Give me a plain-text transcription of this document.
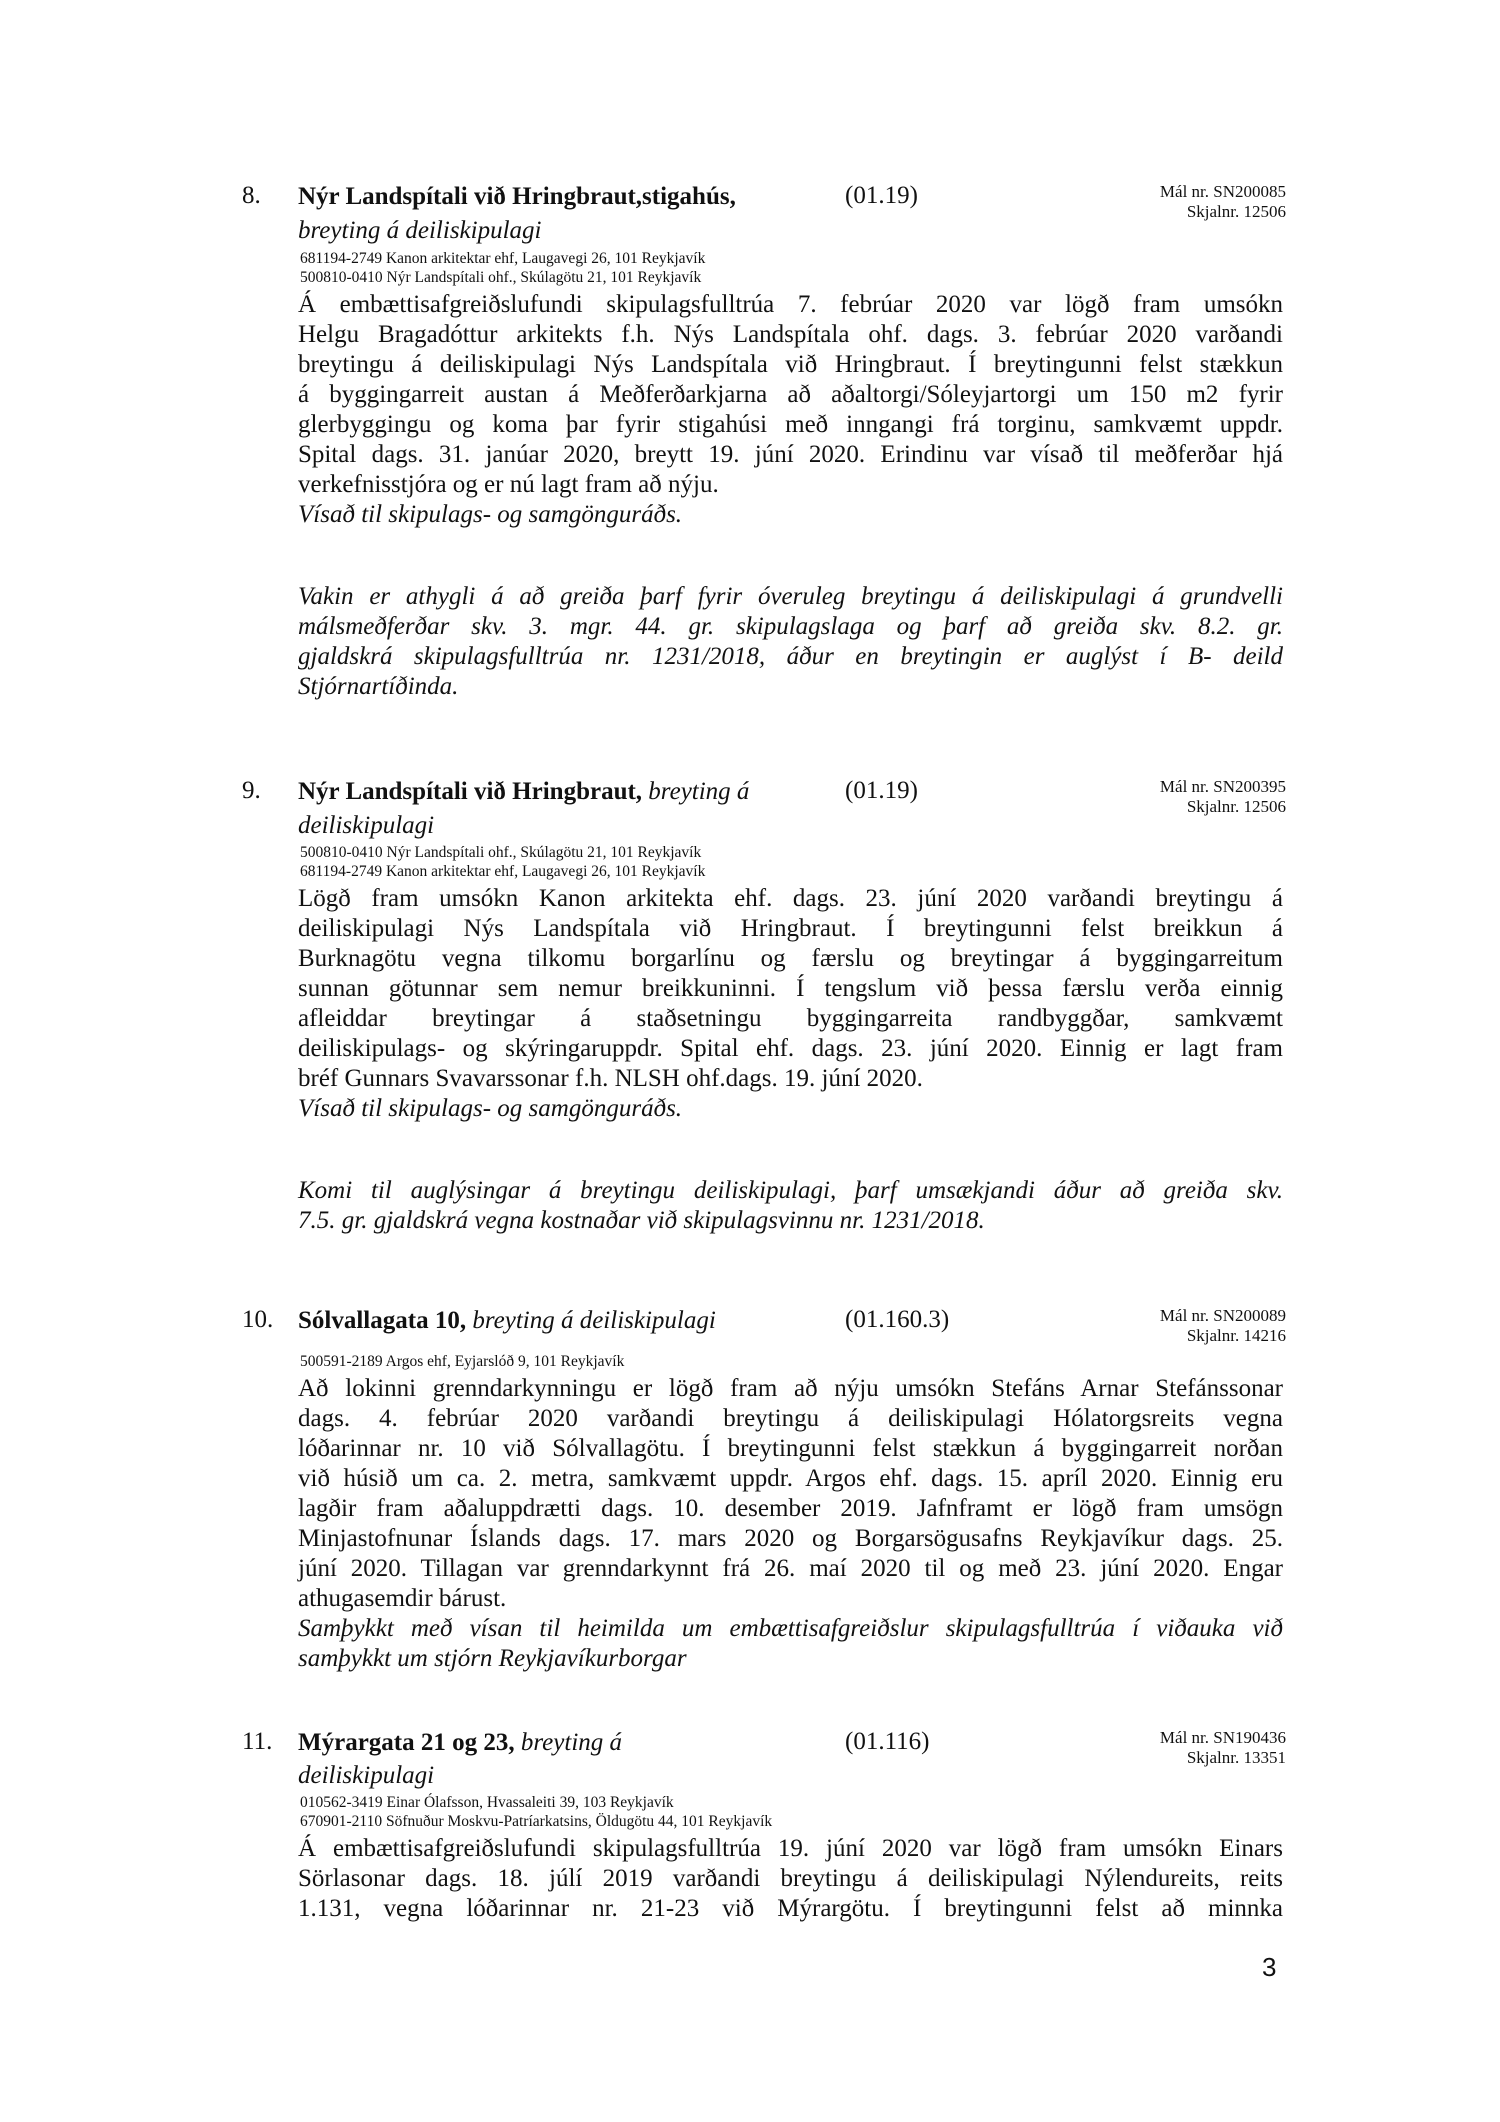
8. Nýr Landspítali við Hringbraut,stigahús,
breyting á deiliskipulagi
(01.19)	Mál nr. SN200085
Skjalnr. 12506
681194-2749 Kanon arkitektar ehf, Laugavegi 26, 101 Reykjavík
500810-0410 Nýr Landspítali ohf., Skúlagötu 21, 101 Reykjavík
Á embættisafgreiðslufundi skipulagsfulltrúa 7. febrúar 2020 var lögð fram umsókn
Helgu Bragadóttur arkitekts f.h. Nýs Landspítala ohf. dags. 3. febrúar 2020 varðandi
breytingu á deiliskipulagi Nýs Landspítala við Hringbraut. Í breytingunni felst stækkun
á byggingarreit austan á Meðferðarkjarna að aðaltorgi/Sóleyjartorgi um 150 m2 fyrir
glerbyggingu og koma þar fyrir stigahúsi með inngangi frá torginu, samkvæmt uppdr.
Spital dags. 31. janúar 2020, breytt 19. júní 2020. Erindinu var vísað til meðferðar hjá
verkefnisstjóra og er nú lagt fram að nýju.
Vísað til skipulags- og samgönguráðs.
Vakin er athygli á að greiða þarf fyrir óveruleg breytingu á deiliskipulagi á grundvelli
málsmeðferðar skv. 3. mgr. 44. gr. skipulagslaga og þarf að greiða skv. 8.2. gr.
gjaldskrá skipulagsfulltrúa nr. 1231/2018, áður en breytingin er auglýst í B- deild
Stjórnartíðinda.
9. Nýr Landspítali við Hringbraut, breyting á
deiliskipulagi
(01.19)	Mál nr. SN200395
Skjalnr. 12506
500810-0410 Nýr Landspítali ohf., Skúlagötu 21, 101 Reykjavík
681194-2749 Kanon arkitektar ehf, Laugavegi 26, 101 Reykjavík
Lögð fram umsókn Kanon arkitekta ehf. dags. 23. júní 2020 varðandi breytingu á
deiliskipulagi Nýs Landspítala við Hringbraut. Í breytingunni felst breikkun á
Burknagötu vegna tilkomu borgarlínu og færslu og breytingar á byggingarreitum
sunnan götunnar sem nemur breikkuninni. Í tengslum við þessa færslu verða einnig
afleiddar breytingar á staðsetningu byggingarreita randbyggðar, samkvæmt
deiliskipulags- og skýringaruppdr. Spital ehf. dags. 23. júní 2020. Einnig er lagt fram
bréf Gunnars Svavarssonar f.h. NLSH ohf.dags. 19. júní 2020.
Vísað til skipulags- og samgönguráðs.
Komi til auglýsingar á breytingu deiliskipulagi, þarf umsækjandi áður að greiða skv.
7.5. gr. gjaldskrá vegna kostnaðar við skipulagsvinnu nr. 1231/2018.
10. Sólvallagata 10, breyting á deiliskipulagi	(01.160.3)	Mál nr. SN200089
Skjalnr. 14216
500591-2189 Argos ehf, Eyjarslóð 9, 101 Reykjavík
Að lokinni grenndarkynningu er lögð fram að nýju umsókn Stefáns Arnar Stefánssonar
dags. 4. febrúar 2020 varðandi breytingu á deiliskipulagi Hólatorgsreits vegna
lóðarinnar nr. 10 við Sólvallagötu. Í breytingunni felst stækkun á byggingarreit norðan
við húsið um ca. 2. metra, samkvæmt uppdr. Argos ehf. dags. 15. apríl 2020. Einnig eru
lagðir fram aðaluppdrætti dags. 10. desember 2019. Jafnframt er lögð fram umsögn
Minjastofnunar Íslands dags. 17. mars 2020 og Borgarsögusafns Reykjavíkur dags. 25.
júní 2020. Tillagan var grenndarkynnt frá 26. maí 2020 til og með 23. júní 2020. Engar
athugasemdir bárust.
Samþykkt með vísan til heimilda um embættisafgreiðslur skipulagsfulltrúa í viðauka við
samþykkt um stjórn Reykjavíkurborgar
11. Mýrargata 21 og 23, breyting á
deiliskipulagi
(01.116)	Mál nr. SN190436
Skjalnr. 13351
010562-3419 Einar Ólafsson, Hvassaleiti 39, 103 Reykjavík
670901-2110 Söfnuður Moskvu-Patríarkatsins, Öldugötu 44, 101 Reykjavík
Á embættisafgreiðslufundi skipulagsfulltrúa 19. júní 2020 var lögð fram umsókn Einars
Sörlasonar dags. 18. júlí 2019 varðandi breytingu á deiliskipulagi Nýlendureits, reits
1.131, vegna lóðarinnar nr. 21-23 við Mýrargötu. Í breytingunni felst að minnka
3
